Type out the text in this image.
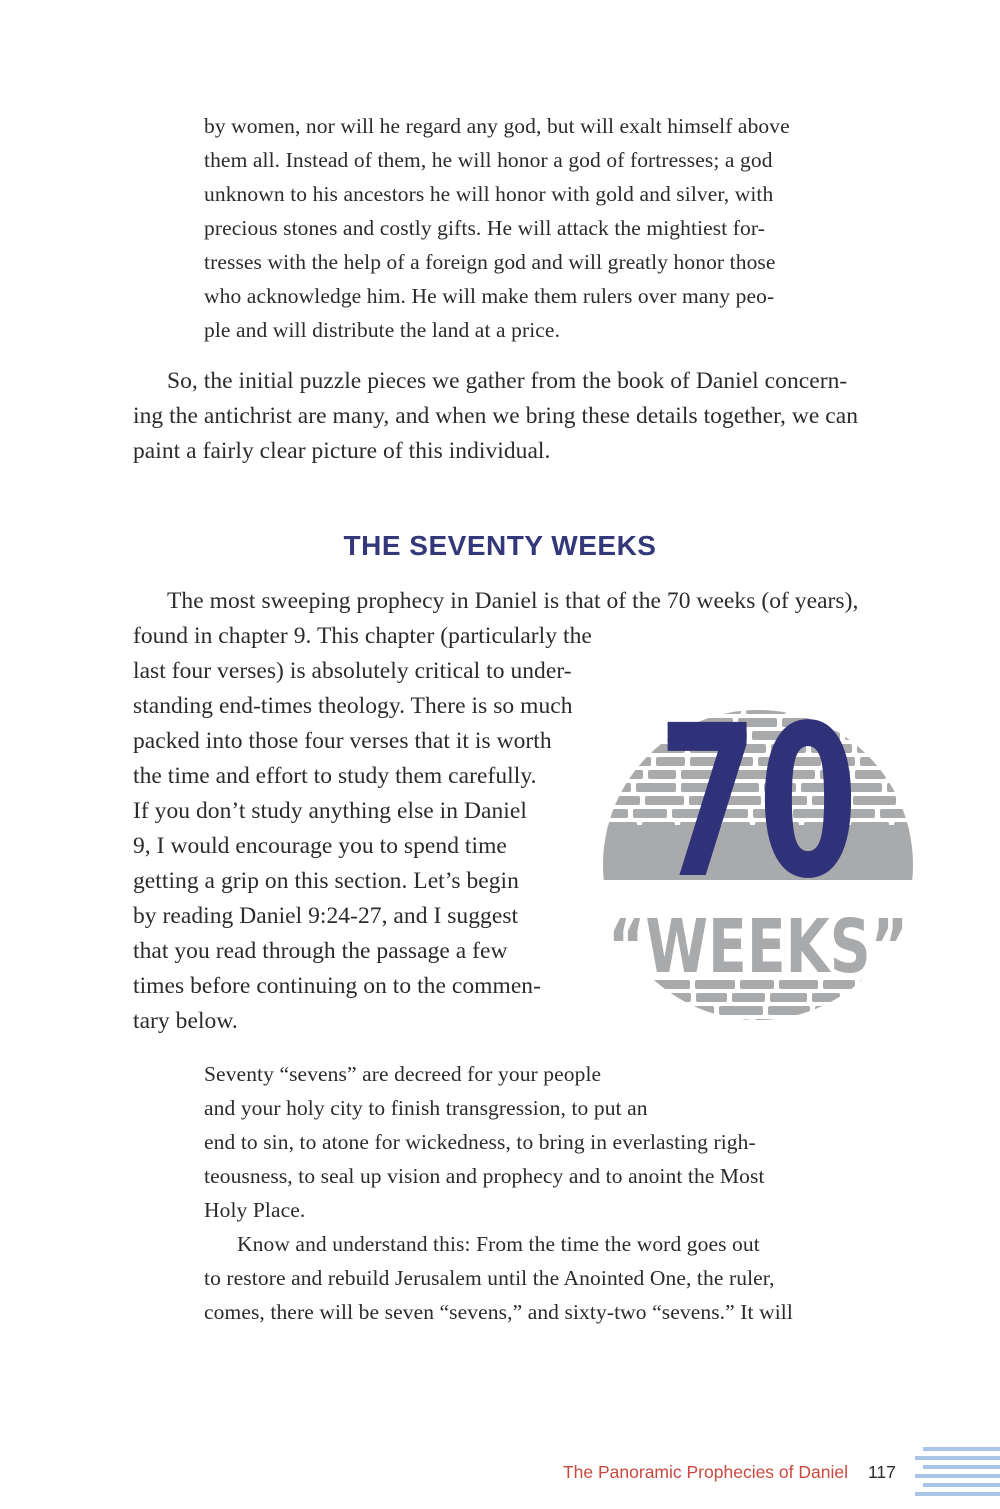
by women, nor will he regard any god, but will exalt himself above

them all. Instead of them, he will honor a god of fortresses; a god

unknown to his ancestors he will honor with gold and silver, with

precious stones and costly gifts. He will attack the mightiest for-

tresses with the help of a foreign god and will greatly honor those

who acknowledge him. He will make them rulers over many peo-

ple and will distribute the land at a price.

So, the initial puzzle pieces we gather from the book of Daniel concern-

ing the antichrist are many, and when we bring these details together, we can

paint a fairly clear picture of this individual.

THE SEVENTY WEEKS

The most sweeping prophecy in Daniel is that of the 70 weeks (of years),

found in chapter 9. This chapter (particularly the

last four verses) is absolutely critical to under-

standing end-times theology. There is so much

packed into those four verses that it is worth

the time and effort to study them carefully.

If you don’t study anything else in Daniel

9, I would encourage you to spend time

getting a grip on this section. Let’s begin

by reading Daniel 9:24-27, and I suggest

that you read through the passage a few

times before continuing on to the commen-

tary below.

“WEEKS”
70

Seventy “sevens” are decreed for your people

and your holy city to finish transgression, to put an

end to sin, to atone for wickedness, to bring in everlasting righ-

teousness, to seal up vision and prophecy and to anoint the Most

Holy Place.

Know and understand this: From the time the word goes out

to restore and rebuild Jerusalem until the Anointed One, the ruler,

comes, there will be seven “sevens,” and sixty-two “sevens.” It will

The Panoramic Prophecies of Daniel 117
